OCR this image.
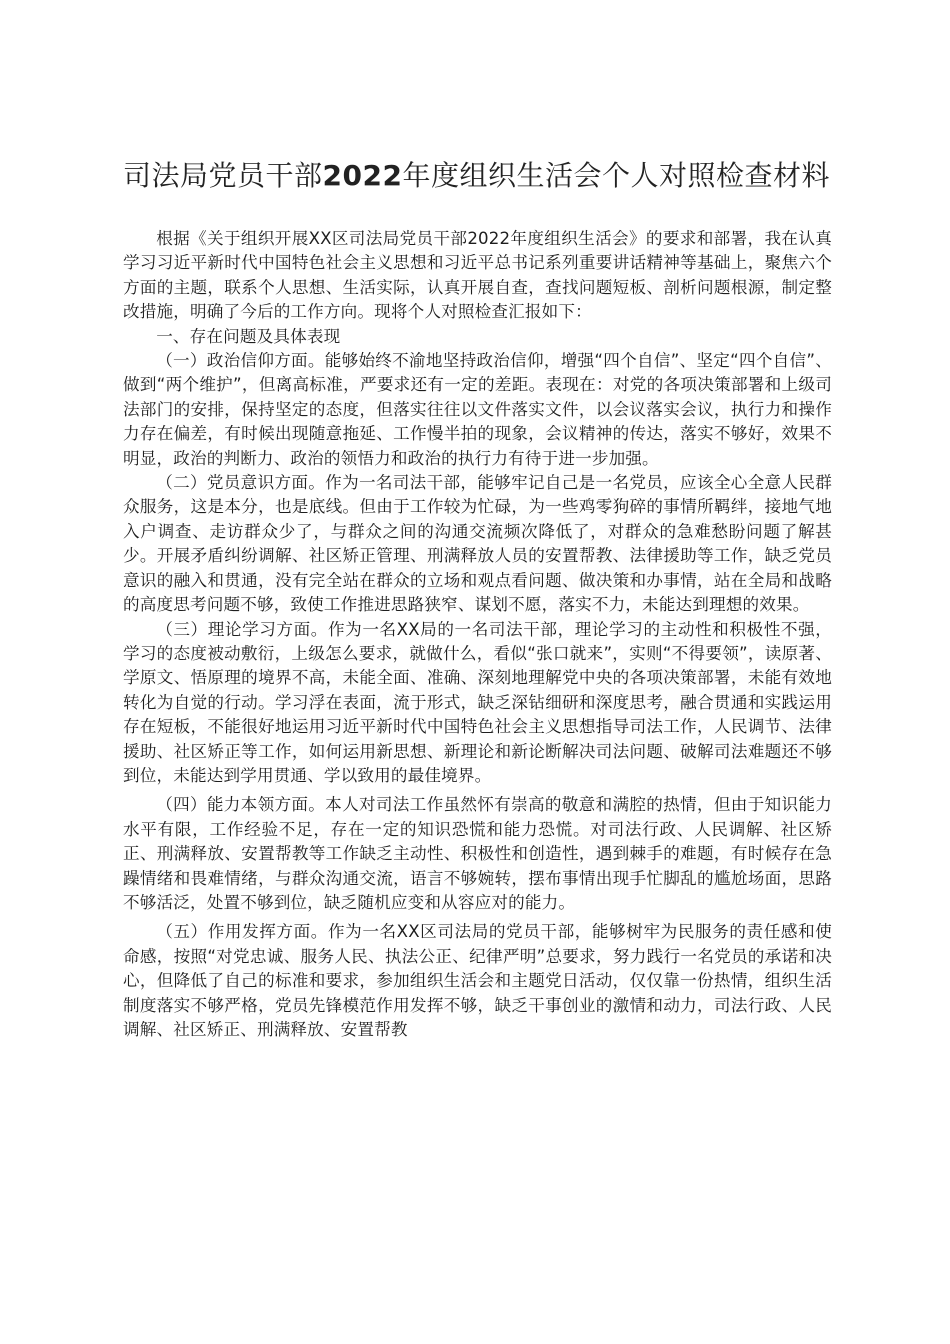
司法局党员干部2022年度组织生活会个人对照检查材料

根据《关于组织开展XX区司法局党员干部2022年度组织生活会》的要求和部署，我在认真学习习近平新时代中国特色社会主义思想和习近平总书记系列重要讲话精神等基础上，聚焦六个方面的主题，联系个人思想、生活实际，认真开展自查，查找问题短板、剖析问题根源，制定整改措施，明确了今后的工作方向。现将个人对照检查汇报如下：

一、存在问题及具体表现

（一）政治信仰方面。能够始终不渝地坚持政治信仰，增强“四个自信”、坚定“四个自信”、做到“两个维护”，但离高标准，严要求还有一定的差距。表现在：对党的各项决策部署和上级司法部门的安排，保持坚定的态度，但落实往往以文件落实文件，以会议落实会议，执行力和操作力存在偏差，有时候出现随意拖延、工作慢半拍的现象，会议精神的传达，落实不够好，效果不明显，政治的判断力、政治的领悟力和政治的执行力有待于进一步加强。

（二）党员意识方面。作为一名司法干部，能够牢记自己是一名党员，应该全心全意人民群众服务，这是本分，也是底线。但由于工作较为忙碌，为一些鸡零狗碎的事情所羁绊，接地气地入户调查、走访群众少了，与群众之间的沟通交流频次降低了，对群众的急难愁盼问题了解甚少。开展矛盾纠纷调解、社区矫正管理、刑满释放人员的安置帮教、法律援助等工作，缺乏党员意识的融入和贯通，没有完全站在群众的立场和观点看问题、做决策和办事情，站在全局和战略的高度思考问题不够，致使工作推进思路狭窄、谋划不愿，落实不力，未能达到理想的效果。

（三）理论学习方面。作为一名XX局的一名司法干部，理论学习的主动性和积极性不强，学习的态度被动敷衍，上级怎么要求，就做什么，看似“张口就来”，实则“不得要领”，读原著、学原文、悟原理的境界不高，未能全面、准确、深刻地理解党中央的各项决策部署，未能有效地转化为自觉的行动。学习浮在表面，流于形式，缺乏深钻细研和深度思考，融合贯通和实践运用存在短板，不能很好地运用习近平新时代中国特色社会主义思想指导司法工作，人民调节、法律援助、社区矫正等工作，如何运用新思想、新理论和新论断解决司法问题、破解司法难题还不够到位，未能达到学用贯通、学以致用的最佳境界。

（四）能力本领方面。本人对司法工作虽然怀有崇高的敬意和满腔的热情，但由于知识能力水平有限，工作经验不足，存在一定的知识恐慌和能力恐慌。对司法行政、人民调解、社区矫正、刑满释放、安置帮教等工作缺乏主动性、积极性和创造性，遇到棘手的难题，有时候存在急躁情绪和畏难情绪，与群众沟通交流，语言不够婉转，摆布事情出现手忙脚乱的尴尬场面，思路不够活泛，处置不够到位，缺乏随机应变和从容应对的能力。

（五）作用发挥方面。作为一名XX区司法局的党员干部，能够树牢为民服务的责任感和使命感，按照“对党忠诚、服务人民、执法公正、纪律严明”总要求，努力践行一名党员的承诺和决心，但降低了自己的标准和要求，参加组织生活会和主题党日活动，仅仅靠一份热情，组织生活制度落实不够严格，党员先锋模范作用发挥不够，缺乏干事创业的激情和动力，司法行政、人民调解、社区矫正、刑满释放、安置帮教
